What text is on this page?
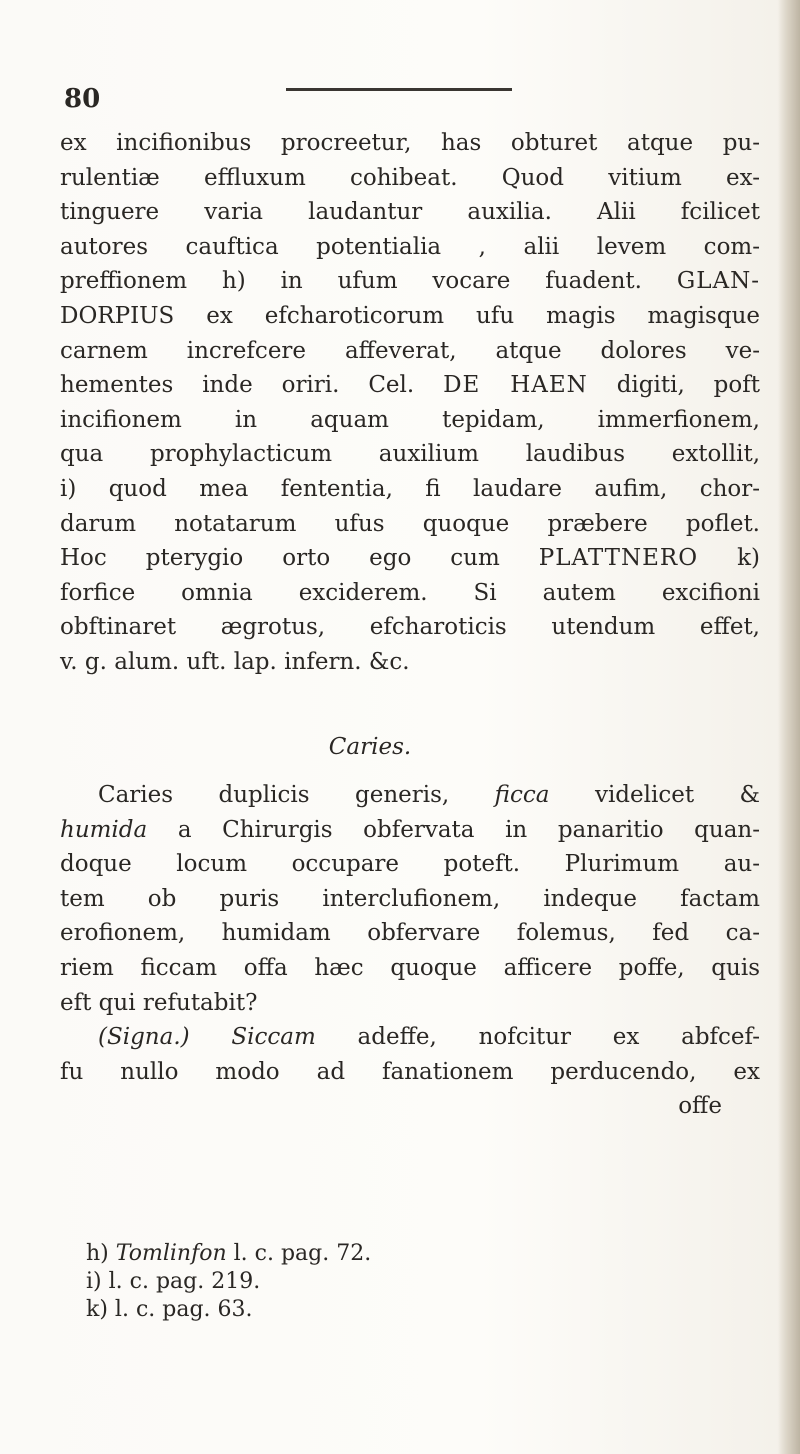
80
ex incifionibus procreetur, has obturet atque pu-
rulentiæ effluxum cohibeat. Quod vitium ex-
tinguere varia laudantur auxilia. Alii fcilicet
autores cauftica potentialia , alii levem com-
preffionem h) in ufum vocare fuadent. GLAN-
DORPIUS ex efcharoticorum ufu magis magisque
carnem increfcere affeverat, atque dolores ve-
hementes inde oriri. Cel. DE HAEN digiti, poft
incifionem in aquam tepidam, immerfionem,
qua prophylacticum auxilium laudibus extollit,
i) quod mea fententia, fi laudare aufim, chor-
darum notatarum ufus quoque præbere poflet.
Hoc pterygio orto ego cum PLATTNERO k)
forfice omnia exciderem. Si autem excifioni
obftinaret ægrotus, efcharoticis utendum effet,
v. g. alum. uft. lap. infern. &c.
Caries.
Caries duplicis generis, ficca videlicet &
humida a Chirurgis obfervata in panaritio quan-
doque locum occupare poteft. Plurimum au-
tem ob puris interclufionem, indeque factam
erofionem, humidam obfervare folemus, fed ca-
riem ficcam offa hæc quoque afficere poffe, quis
eft qui refutabit?
(Signa.) Siccam adeffe, nofcitur ex abfcef-
fu nullo modo ad fanationem perducendo, ex
offe
h) Tomlinfon l. c. pag. 72.
i) l. c. pag. 219.
k) l. c. pag. 63.
